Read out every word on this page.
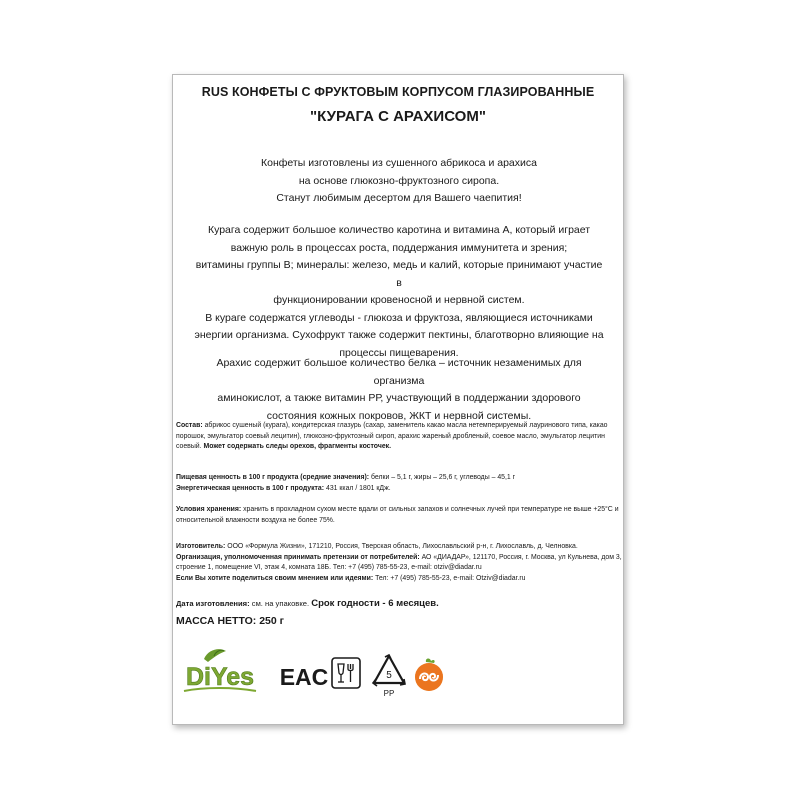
RUS КОНФЕТЫ С ФРУКТОВЫМ КОРПУСОМ ГЛАЗИРОВАННЫЕ
"КУРАГА С АРАХИСОМ"
Конфеты изготовлены из сушенного абрикоса и арахиса
на основе глюкозно-фруктозного сиропа.
Станут любимым десертом для Вашего чаепития!
Курага содержит большое количество каротина и витамина А, который играет
важную роль в процессах роста, поддержания иммунитета и зрения;
витамины группы В; минералы: железо, медь и калий, которые принимают участие в
функционировании кровеносной и нервной систем.
В кураге содержатся углеводы - глюкоза и фруктоза, являющиеся источниками
энергии организма. Сухофрукт также содержит пектины, благотворно влияющие на
процессы пищеварения.
Арахис содержит большое количество белка – источник незаменимых для организма
аминокислот, а также витамин РР, участвующий в поддержании здорового
состояния кожных покровов, ЖКТ и нервной системы.
Состав: абрикос сушеный (курага), кондитерская глазурь (сахар, заменитель какао масла нетемперируемый лауринового типа, какао порошок, эмульгатор соевый лецитин), глюкозно-фруктозный сироп, арахис жареный дробленый, соевое масло, эмульгатор лецитин соевый. Может содержать следы орехов, фрагменты косточек.
Пищевая ценность в 100 г продукта (средние значения): белки – 5,1 г, жиры – 25,6 г, углеводы – 45,1 г
Энергетическая ценность в 100 г продукта: 431 ккал / 1801 кДж.
Условия хранения: хранить в прохладном сухом месте вдали от сильных запахов и солнечных лучей при температуре не выше +25°С и относительной влажности воздуха не более 75%.
Изготовитель: ООО «Формула Жизни», 171210, Россия, Тверская область, Лихославльский р-н, г. Лихославль, д. Челновка.
Организация, уполномоченная принимать претензии от потребителей: АО «ДИАДАР», 121170, Россия, г. Москва, ул Кульнева, дом 3, строение 1, помещение VI, этаж 4, комната 18Б. Тел: +7 (495) 785-55-23, e-mail: otziv@diadar.ru
Если Вы хотите поделиться своим мнением или идеями: Тел: +7 (495) 785-55-23, e-mail: Otziv@diadar.ru
Дата изготовления: см. на упаковке. Срок годности - 6 месяцев.
МАССА НЕТТО: 250 г
DiYes EAC	5
PP
